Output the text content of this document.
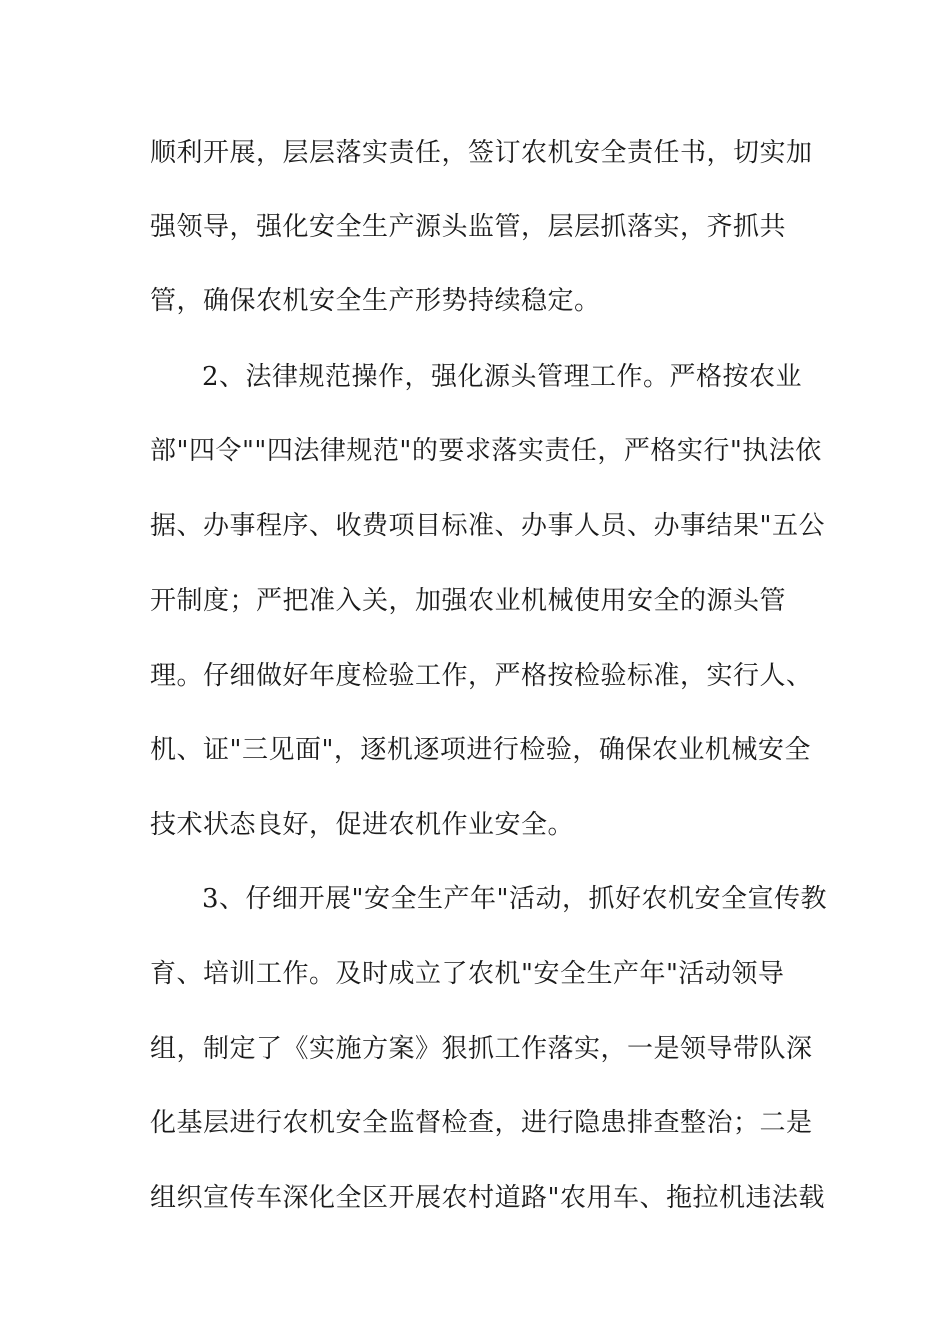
顺利开展，层层落实责任，签订农机安全责任书，切实加
强领导，强化安全生产源头监管，层层抓落实，齐抓共
管，确保农机安全生产形势持续稳定。
2、法律规范操作，强化源头管理工作。严格按农业
部"四令""四法律规范"的要求落实责任，严格实行"执法依
据、办事程序、收费项目标准、办事人员、办事结果"五公
开制度；严把准入关，加强农业机械使用安全的源头管
理。仔细做好年度检验工作，严格按检验标准，实行人、
机、证"三见面"，逐机逐项进行检验，确保农业机械安全
技术状态良好，促进农机作业安全。
3、仔细开展"安全生产年"活动，抓好农机安全宣传教
育、培训工作。及时成立了农机"安全生产年"活动领导
组，制定了《实施方案》狠抓工作落实，一是领导带队深
化基层进行农机安全监督检查，进行隐患排查整治；二是
组织宣传车深化全区开展农村道路"农用车、拖拉机违法载
